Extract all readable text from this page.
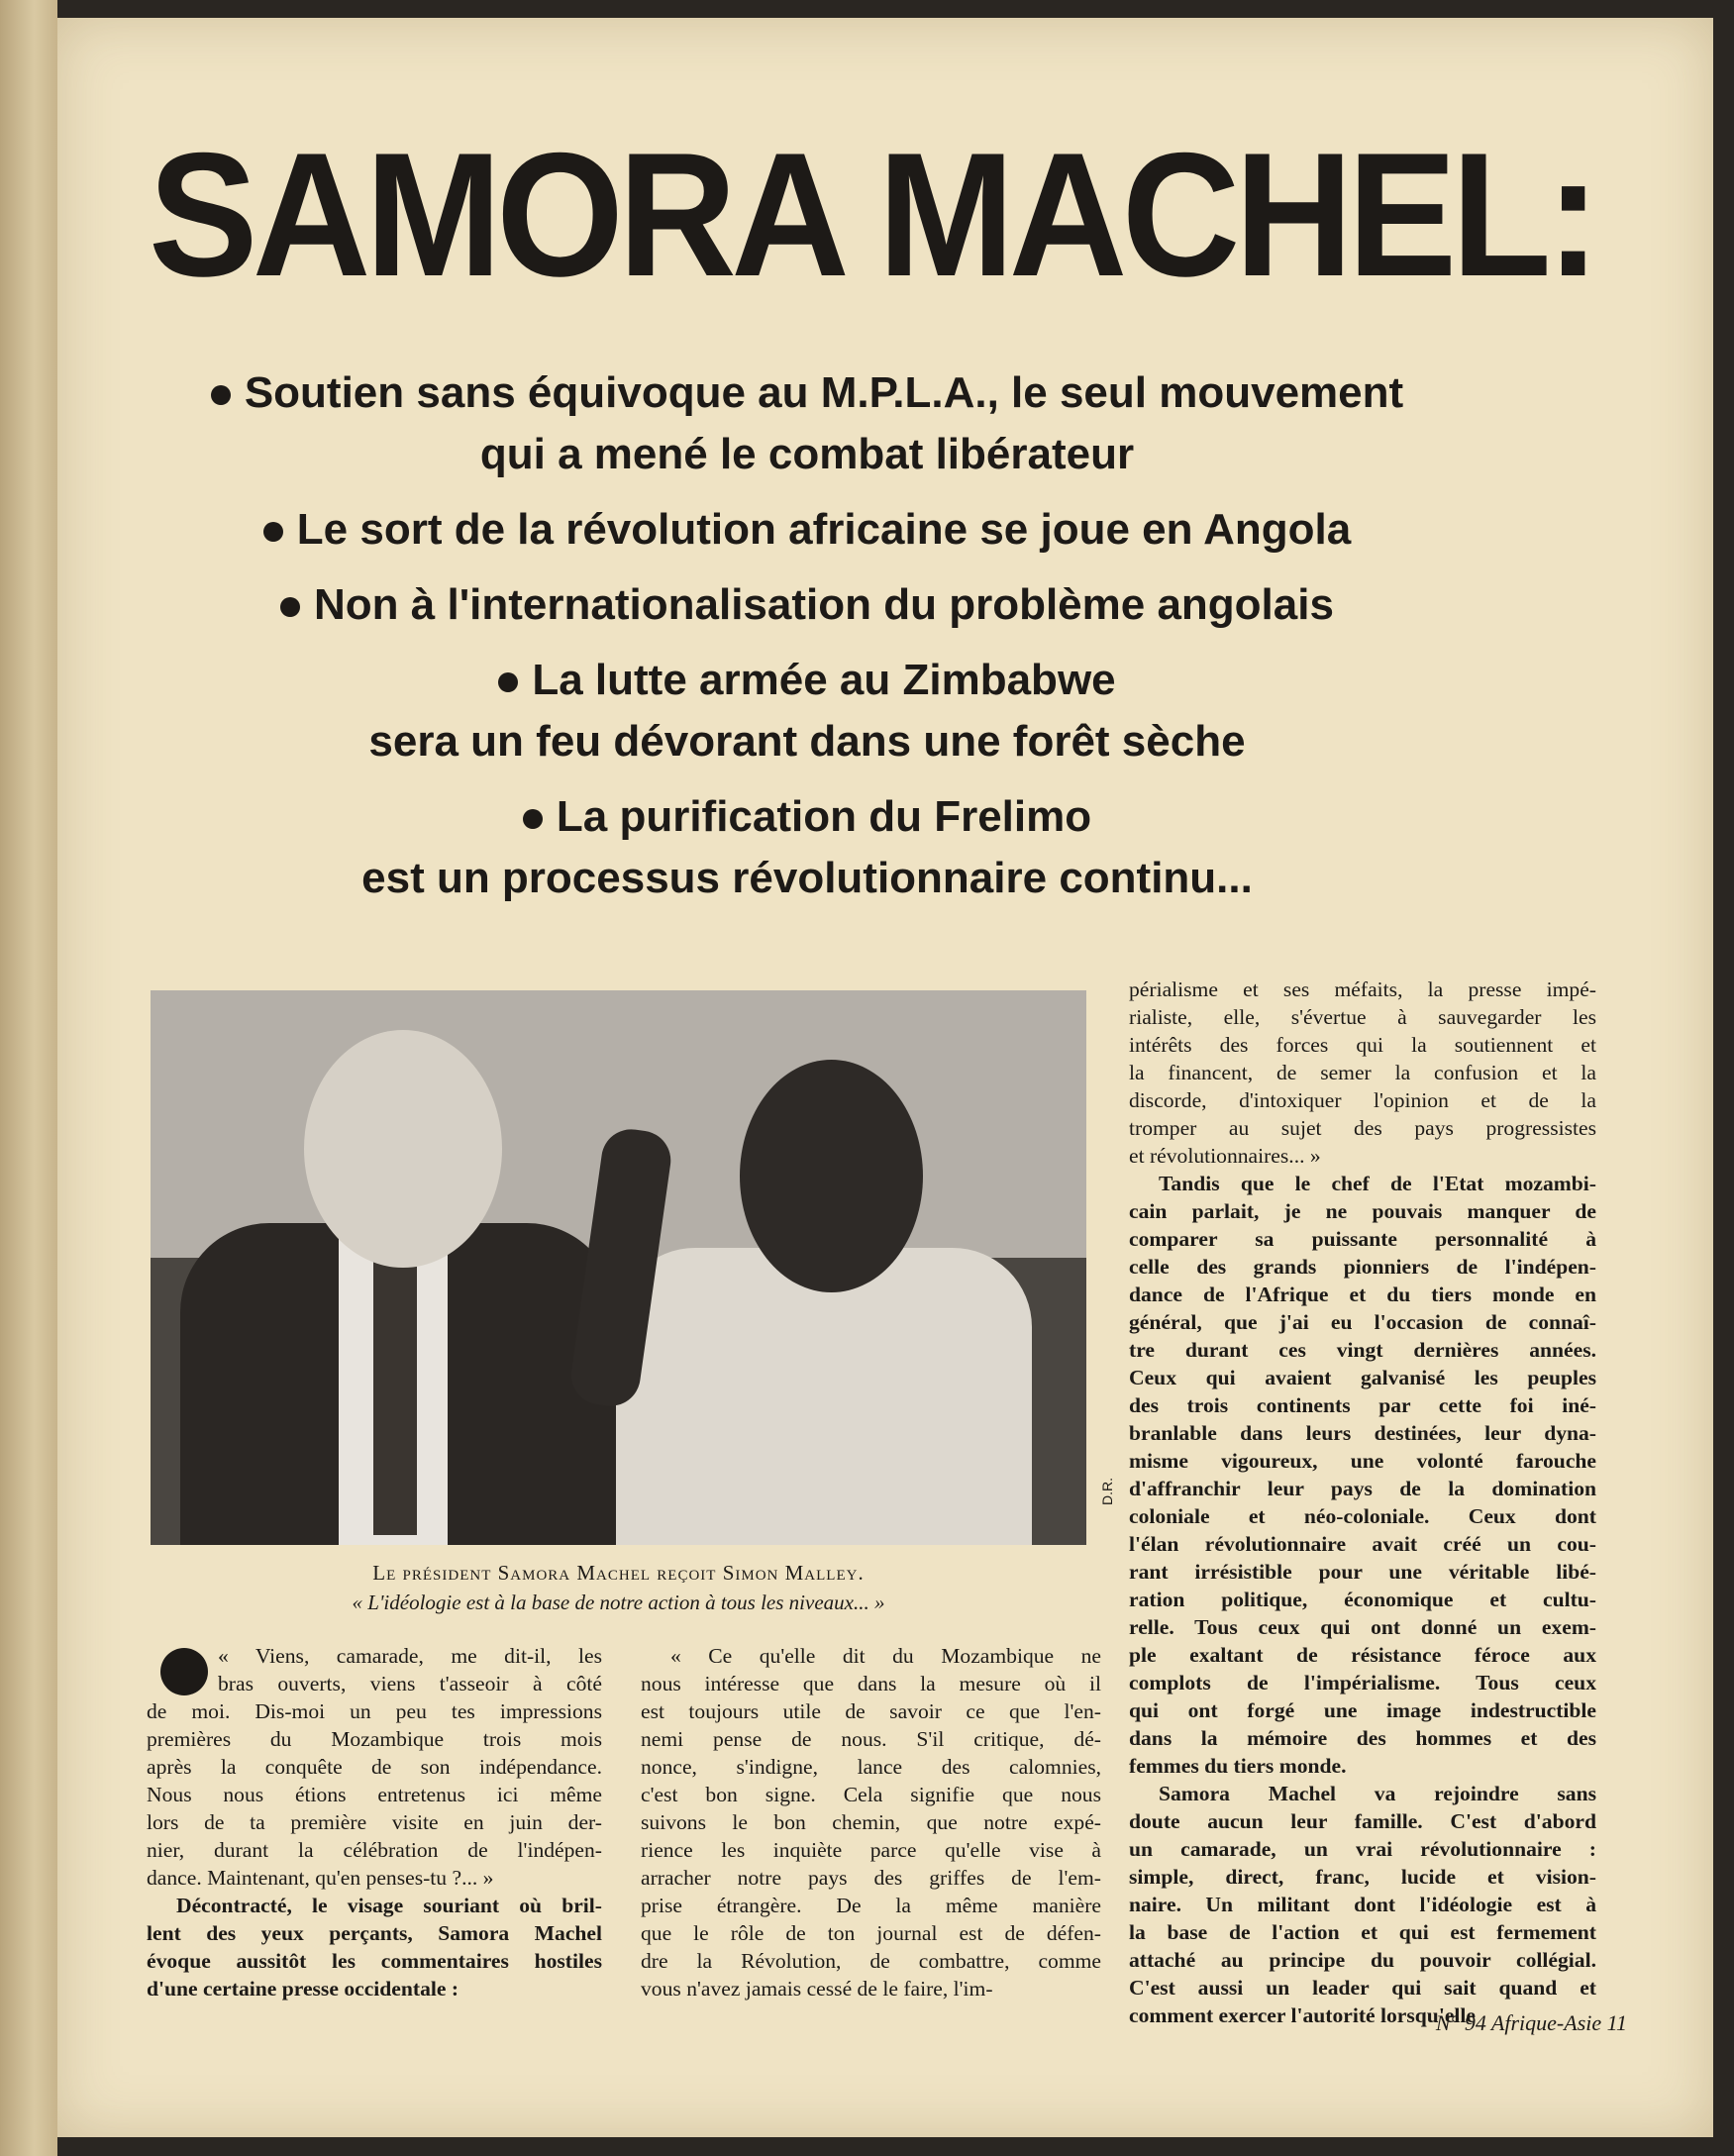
SAMORA MACHEL:
Soutien sans équivoque au M.P.L.A., le seul mouvement
qui a mené le combat libérateur
Le sort de la révolution africaine se joue en Angola
Non à l'internationalisation du problème angolais
La lutte armée au Zimbabwe
sera un feu dévorant dans une forêt sèche
La purification du Frelimo
est un processus révolutionnaire continu...
D.R.
Le président Samora Machel reçoit Simon Malley.
« L'idéologie est à la base de notre action à tous les niveaux... »

« Viens, camarade, me dit-il, les
bras ouverts, viens t'asseoir à côté
de moi. Dis-moi un peu tes impressions
premières du Mozambique trois mois
après la conquête de son indépendance.
Nous nous étions entretenus ici même
lors de ta première visite en juin der-
nier, durant la célébration de l'indépen-
dance. Maintenant, qu'en penses-tu ?... »

Décontracté, le visage souriant où bril-
lent des yeux perçants, Samora Machel
évoque aussitôt les commentaires hostiles
d'une certaine presse occidentale :

« Ce qu'elle dit du Mozambique ne
nous intéresse que dans la mesure où il
est toujours utile de savoir ce que l'en-
nemi pense de nous. S'il critique, dé-
nonce, s'indigne, lance des calomnies,
c'est bon signe. Cela signifie que nous
suivons le bon chemin, que notre expé-
rience les inquiète parce qu'elle vise à
arracher notre pays des griffes de l'em-
prise étrangère. De la même manière
que le rôle de ton journal est de défen-
dre la Révolution, de combattre, comme
vous n'avez jamais cessé de le faire, l'im-

périalisme et ses méfaits, la presse impé-
rialiste, elle, s'évertue à sauvegarder les
intérêts des forces qui la soutiennent et
la financent, de semer la confusion et la
discorde, d'intoxiquer l'opinion et de la
tromper au sujet des pays progressistes
et révolutionnaires... »

Tandis que le chef de l'Etat mozambi-
cain parlait, je ne pouvais manquer de
comparer sa puissante personnalité à
celle des grands pionniers de l'indépen-
dance de l'Afrique et du tiers monde en
général, que j'ai eu l'occasion de connaî-
tre durant ces vingt dernières années.
Ceux qui avaient galvanisé les peuples
des trois continents par cette foi iné-
branlable dans leurs destinées, leur dyna-
misme vigoureux, une volonté farouche
d'affranchir leur pays de la domination
coloniale et néo-coloniale. Ceux dont
l'élan révolutionnaire avait créé un cou-
rant irrésistible pour une véritable libé-
ration politique, économique et cultu-
relle. Tous ceux qui ont donné un exem-
ple exaltant de résistance féroce aux
complots de l'impérialisme. Tous ceux
qui ont forgé une image indestructible
dans la mémoire des hommes et des
femmes du tiers monde.

Samora Machel va rejoindre sans
doute aucun leur famille. C'est d'abord
un camarade, un vrai révolutionnaire :
simple, direct, franc, lucide et vision-
naire. Un militant dont l'idéologie est à
la base de l'action et qui est fermement
attaché au principe du pouvoir collégial.
C'est aussi un leader qui sait quand et
comment exercer l'autorité lorsqu'elle

N° 94 Afrique-Asie 11
